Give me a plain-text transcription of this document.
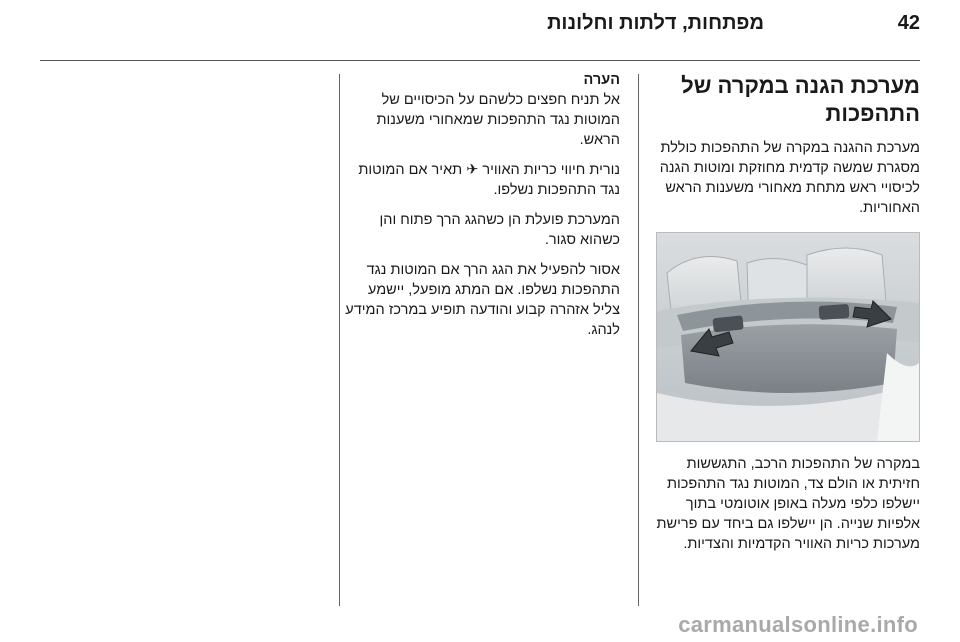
מפתחות, דלתות וחלונות	42
מערכת הגנה במקרה של התהפכות

מערכת ההגנה במקרה של התהפכות כוללת מסגרת שמשה קדמית מחוזקת ומוטות הגנה לכיסויי ראש מתחת מאחורי משענות הראש האחוריות.

במקרה של התהפכות הרכב, התגששות חזיתית או הולם צד, המוטות נגד התהפכות יישלפו כלפי מעלה באופן אוטומטי בתוך אלפיות שנייה. הן יישלפו גם ביחד עם פרישת מערכות כריות האוויר הקדמיות והצדיות.

הערה

אל תניח חפצים כלשהם על הכיסויים של המוטות נגד התהפכות שמאחורי משענות הראש.

נורית חיווי כריות האוויר ✈ תאיר אם המוטות נגד התהפכות נשלפו.

המערכת פועלת הן כשהגג הרך פתוח והן כשהוא סגור.

אסור להפעיל את הגג הרך אם המוטות נגד התהפכות נשלפו. אם המתג מופעל, יישמע צליל אזהרה קבוע והודעה תופיע במרכז המידע לנהג.

carmanualsonline.info
